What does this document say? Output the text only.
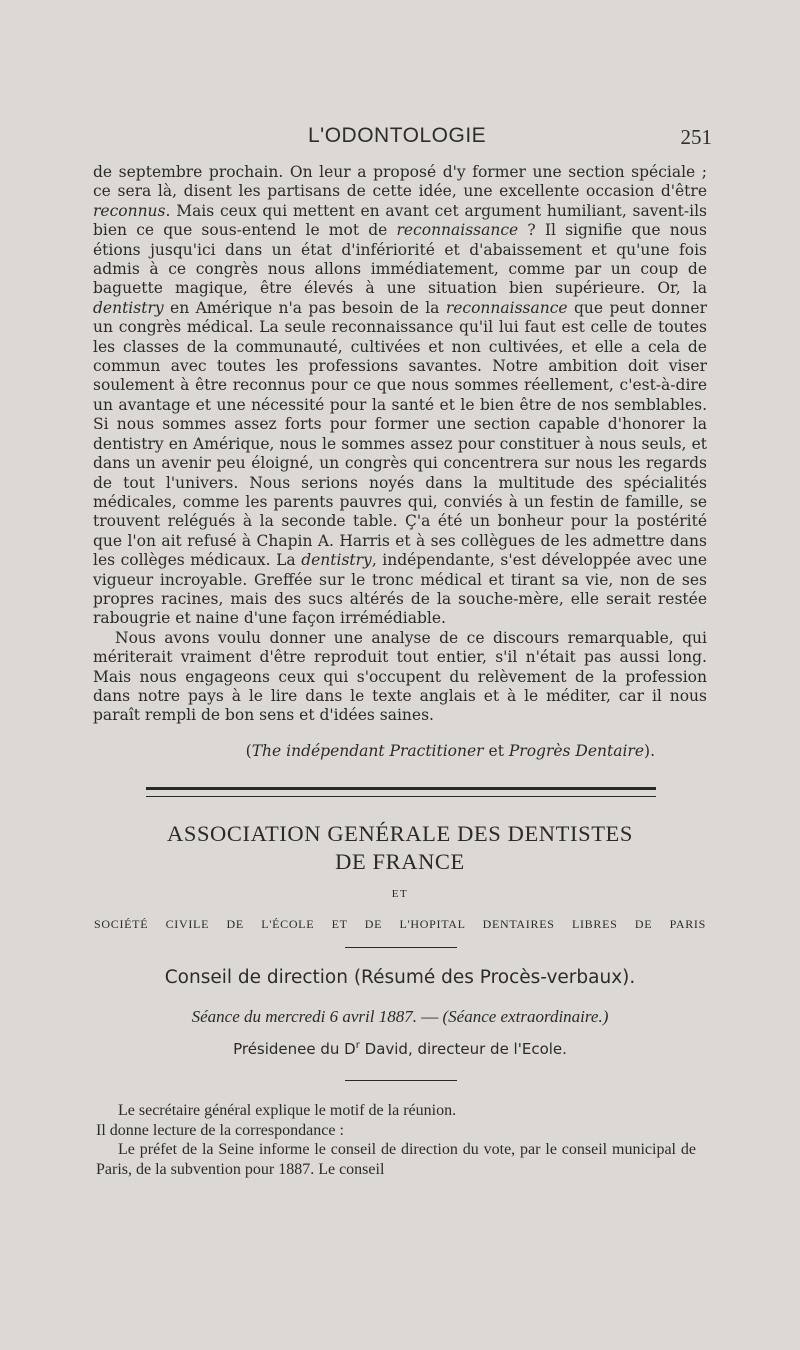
L'ODONTOLOGIE	251

de septembre prochain. On leur a proposé d'y former une section spéciale ; ce sera là, disent les partisans de cette idée, une excellente occasion d'être reconnus. Mais ceux qui mettent en avant cet argument humiliant, savent-ils bien ce que sous-entend le mot de reconnaissance ? Il signifie que nous étions jusqu'ici dans un état d'infériorité et d'abaissement et qu'une fois admis à ce congrès nous allons immédiatement, comme par un coup de baguette magique, être élevés à une situation bien supérieure. Or, la dentistry en Amérique n'a pas besoin de la reconnaissance que peut donner un congrès médical. La seule reconnaissance qu'il lui faut est celle de toutes les classes de la communauté, cultivées et non cultivées, et elle a cela de commun avec toutes les professions savantes. Notre ambition doit viser soulement à être reconnus pour ce que nous sommes réellement, c'est-à-dire un avantage et une nécessité pour la santé et le bien être de nos semblables. Si nous sommes assez forts pour former une section capable d'honorer la dentistry en Amérique, nous le sommes assez pour constituer à nous seuls, et dans un avenir peu éloigné, un congrès qui concentrera sur nous les regards de tout l'univers. Nous serions noyés dans la multitude des spécialités médicales, comme les parents pauvres qui, conviés à un festin de famille, se trouvent relégués à la seconde table. Ç'a été un bonheur pour la postérité que l'on ait refusé à Chapin A. Harris et à ses collègues de les admettre dans les collèges médicaux. La dentistry, indépendante, s'est développée avec une vigueur incroyable. Greffée sur le tronc médical et tirant sa vie, non de ses propres racines, mais des sucs altérés de la souche-mère, elle serait restée rabougrie et naine d'une façon irrémédiable.

Nous avons voulu donner une analyse de ce discours remarquable, qui mériterait vraiment d'être reproduit tout entier, s'il n'était pas aussi long. Mais nous engageons ceux qui s'occupent du relèvement de la profession dans notre pays à le lire dans le texte anglais et à le méditer, car il nous paraît rempli de bon sens et d'idées saines.

(The indépendant Practitioner et Progrès Dentaire).
ASSOCIATION GENÉRALE DES DENTISTES
DE FRANCE
ET
SOCIÉTÉ CIVILE DE L'ÉCOLE ET DE L'HOPITAL DENTAIRES LIBRES DE PARIS
Conseil de direction (Résumé des Procès-verbaux).
Séance du mercredi 6 avril 1887. — (Séance extraordinaire.)
Présidenee du $D^r$ David, directeur de l'Ecole.

Le secrétaire général explique le motif de la réunion.

Il donne lecture de la correspondance :

Le préfet de la Seine informe le conseil de direction du vote, par le conseil municipal de Paris, de la subvention pour 1887. Le conseil
